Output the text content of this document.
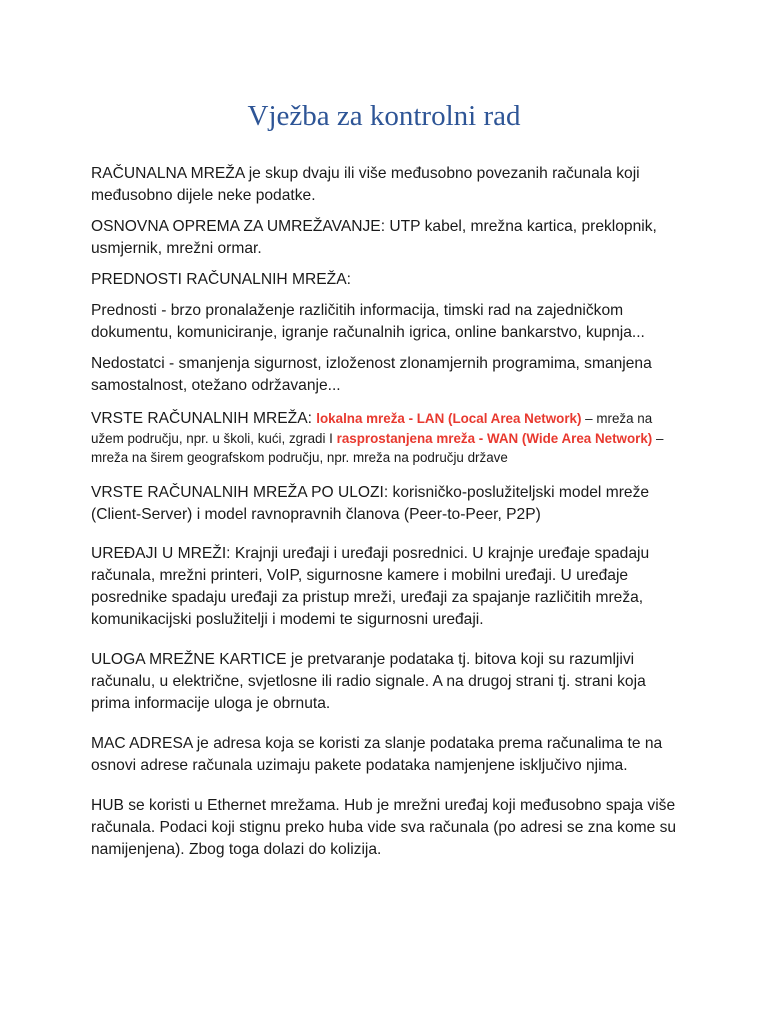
Vježba za kontrolni rad

RAČUNALNA MREŽA je skup dvaju ili više međusobno povezanih računala koji međusobno dijele neke podatke.

OSNOVNA OPREMA ZA UMREŽAVANJE: UTP kabel, mrežna kartica, preklopnik, usmjernik, mrežni ormar.

PREDNOSTI RAČUNALNIH MREŽA:

Prednosti - brzo pronalaženje različitih informacija, timski rad na zajedničkom dokumentu, komuniciranje, igranje računalnih igrica, online bankarstvo, kupnja...

Nedostatci - smanjenja sigurnost, izloženost zlonamjernih programima, smanjena samostalnost, otežano održavanje...

VRSTE RAČUNALNIH MREŽA: lokalna mreža - LAN (Local Area Network) – mreža na užem području, npr. u školi, kući, zgradi I rasprostanjena mreža - WAN (Wide Area Network) – mreža na širem geografskom području, npr. mreža na području države

VRSTE RAČUNALNIH MREŽA PO ULOZI: korisničko-poslužiteljski model mreže (Client-Server) i model ravnopravnih članova (Peer-to-Peer, P2P)

UREĐAJI U MREŽI: Krajnji uređaji i uređaji posrednici. U krajnje uređaje spadaju računala, mrežni printeri, VoIP, sigurnosne kamere i mobilni uređaji. U uređaje posrednike spadaju uređaji za pristup mreži, uređaji za spajanje različitih mreža, komunikacijski poslužitelji i modemi te sigurnosni uređaji.

ULOGA MREŽNE KARTICE je pretvaranje podataka tj. bitova koji su razumljivi računalu, u električne, svjetlosne ili radio signale. A na drugoj strani tj. strani koja prima informacije uloga je obrnuta.

MAC ADRESA je adresa koja se koristi za slanje podataka prema računalima te na osnovi adrese računala uzimaju pakete podataka namjenjene isključivo njima.

HUB se koristi u Ethernet mrežama. Hub je mrežni uređaj koji međusobno spaja više računala. Podaci koji stignu preko huba vide sva računala (po adresi se zna kome su namijenjena). Zbog toga dolazi do kolizija.
